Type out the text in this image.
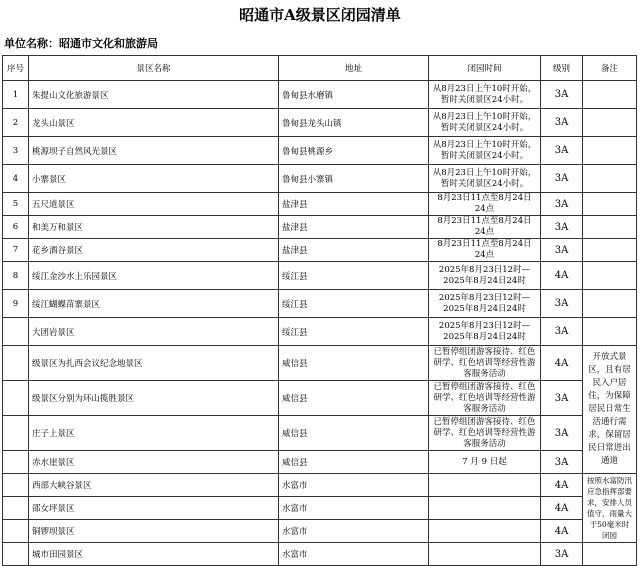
昭通市A级景区闭园清单
单位名称：昭通市文化和旅游局
序号	景区名称	地址	闭园时间	级别	备注
1	朱提山文化旅游景区	鲁甸县水磨镇	从8月23日上午10时开始，暂时关闭景区24小时。	3A	
2	龙头山景区	鲁甸县龙头山镇	从8月23日上午10时开始，暂时关闭景区24小时。	3A	
3	桃源坝子自然风光景区	鲁甸县桃源乡	从8月23日上午10时开始，暂时关闭景区24小时。	3A	
4	小寨景区	鲁甸县小寨镇	从8月23日上午10时开始，暂时关闭景区24小时。	3A	
5	五尺道景区	盐津县	8月23日11点至8月24日24点	3A	
6	和美万和景区	盐津县	8月23日11点至8月24日24点	3A	
7	花乡酒谷景区	盐津县	8月23日11点至8月24日24点	3A	
8	绥江金沙水上乐园景区	绥江县	2025年8月23日12时—2025年8月24日24时	4A	
9	绥江蝴蝶苗寨景区	绥江县	2025年8月23日12时—2025年8月24日24时	3A	
	大团岩景区	绥江县	2025年8月23日12时—2025年8月24日24时	3A	
	级景区为扎西会议纪念地景区	威信县	已暂停组团游客接待、红色研学、红色培训等经营性游客服务活动	4A	开放式景区，且有居民入户居住，为保障居民日常生活通行需求，保留居民日常进出通道
	级景区分别为环山揽胜景区	威信县	已暂停组团游客接待、红色研学、红色培训等经营性游客服务活动	3A	
	庄子上景区	威信县	已暂停组团游客接待、红色研学、红色培训等经营性游客服务活动	3A	
	赤水崖景区	威信县	7 月 9 日起	3A	
	西部大峡谷景区	水富市		4A	按照水富防汛应急指挥部要求，安排人员值守，雨量大于50毫米时闭园
	邵女坪景区	水富市		4A	
	铜锣坝景区	水富市		4A	
	城市田园景区	水富市		3A	
